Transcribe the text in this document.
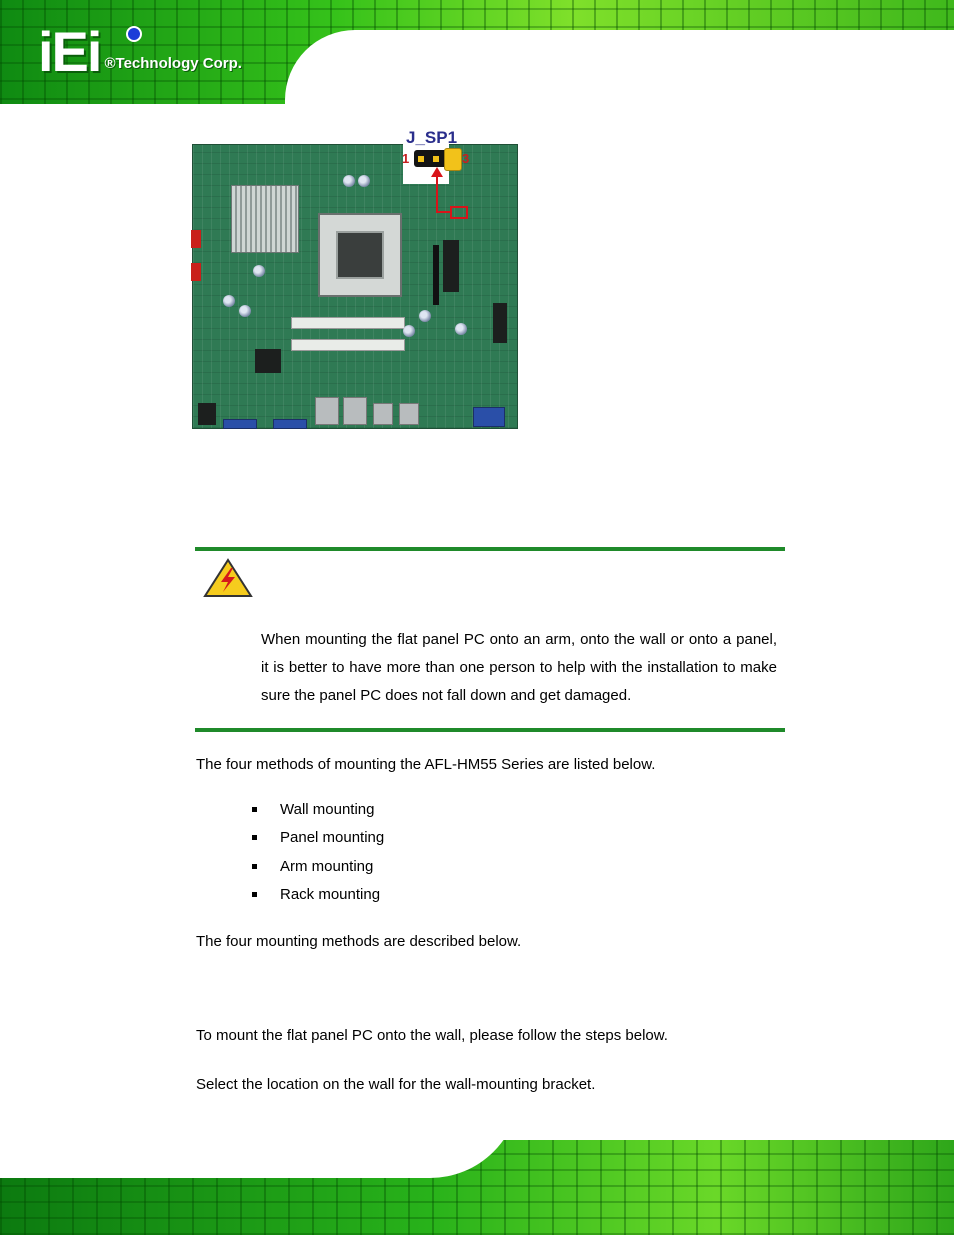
iEi ®Technology Corp.
J_SP1
1	3
When mounting the flat panel PC onto an arm, onto the wall or onto a panel, it is better to have more than one person to help with the installation to make sure the panel PC does not fall down and get damaged.
The four methods of mounting the AFL-HM55 Series are listed below.
Wall mounting
Panel mounting
Arm mounting
Rack mounting
The four mounting methods are described below.
To mount the flat panel PC onto the wall, please follow the steps below.
Select the location on the wall for the wall-mounting bracket.
